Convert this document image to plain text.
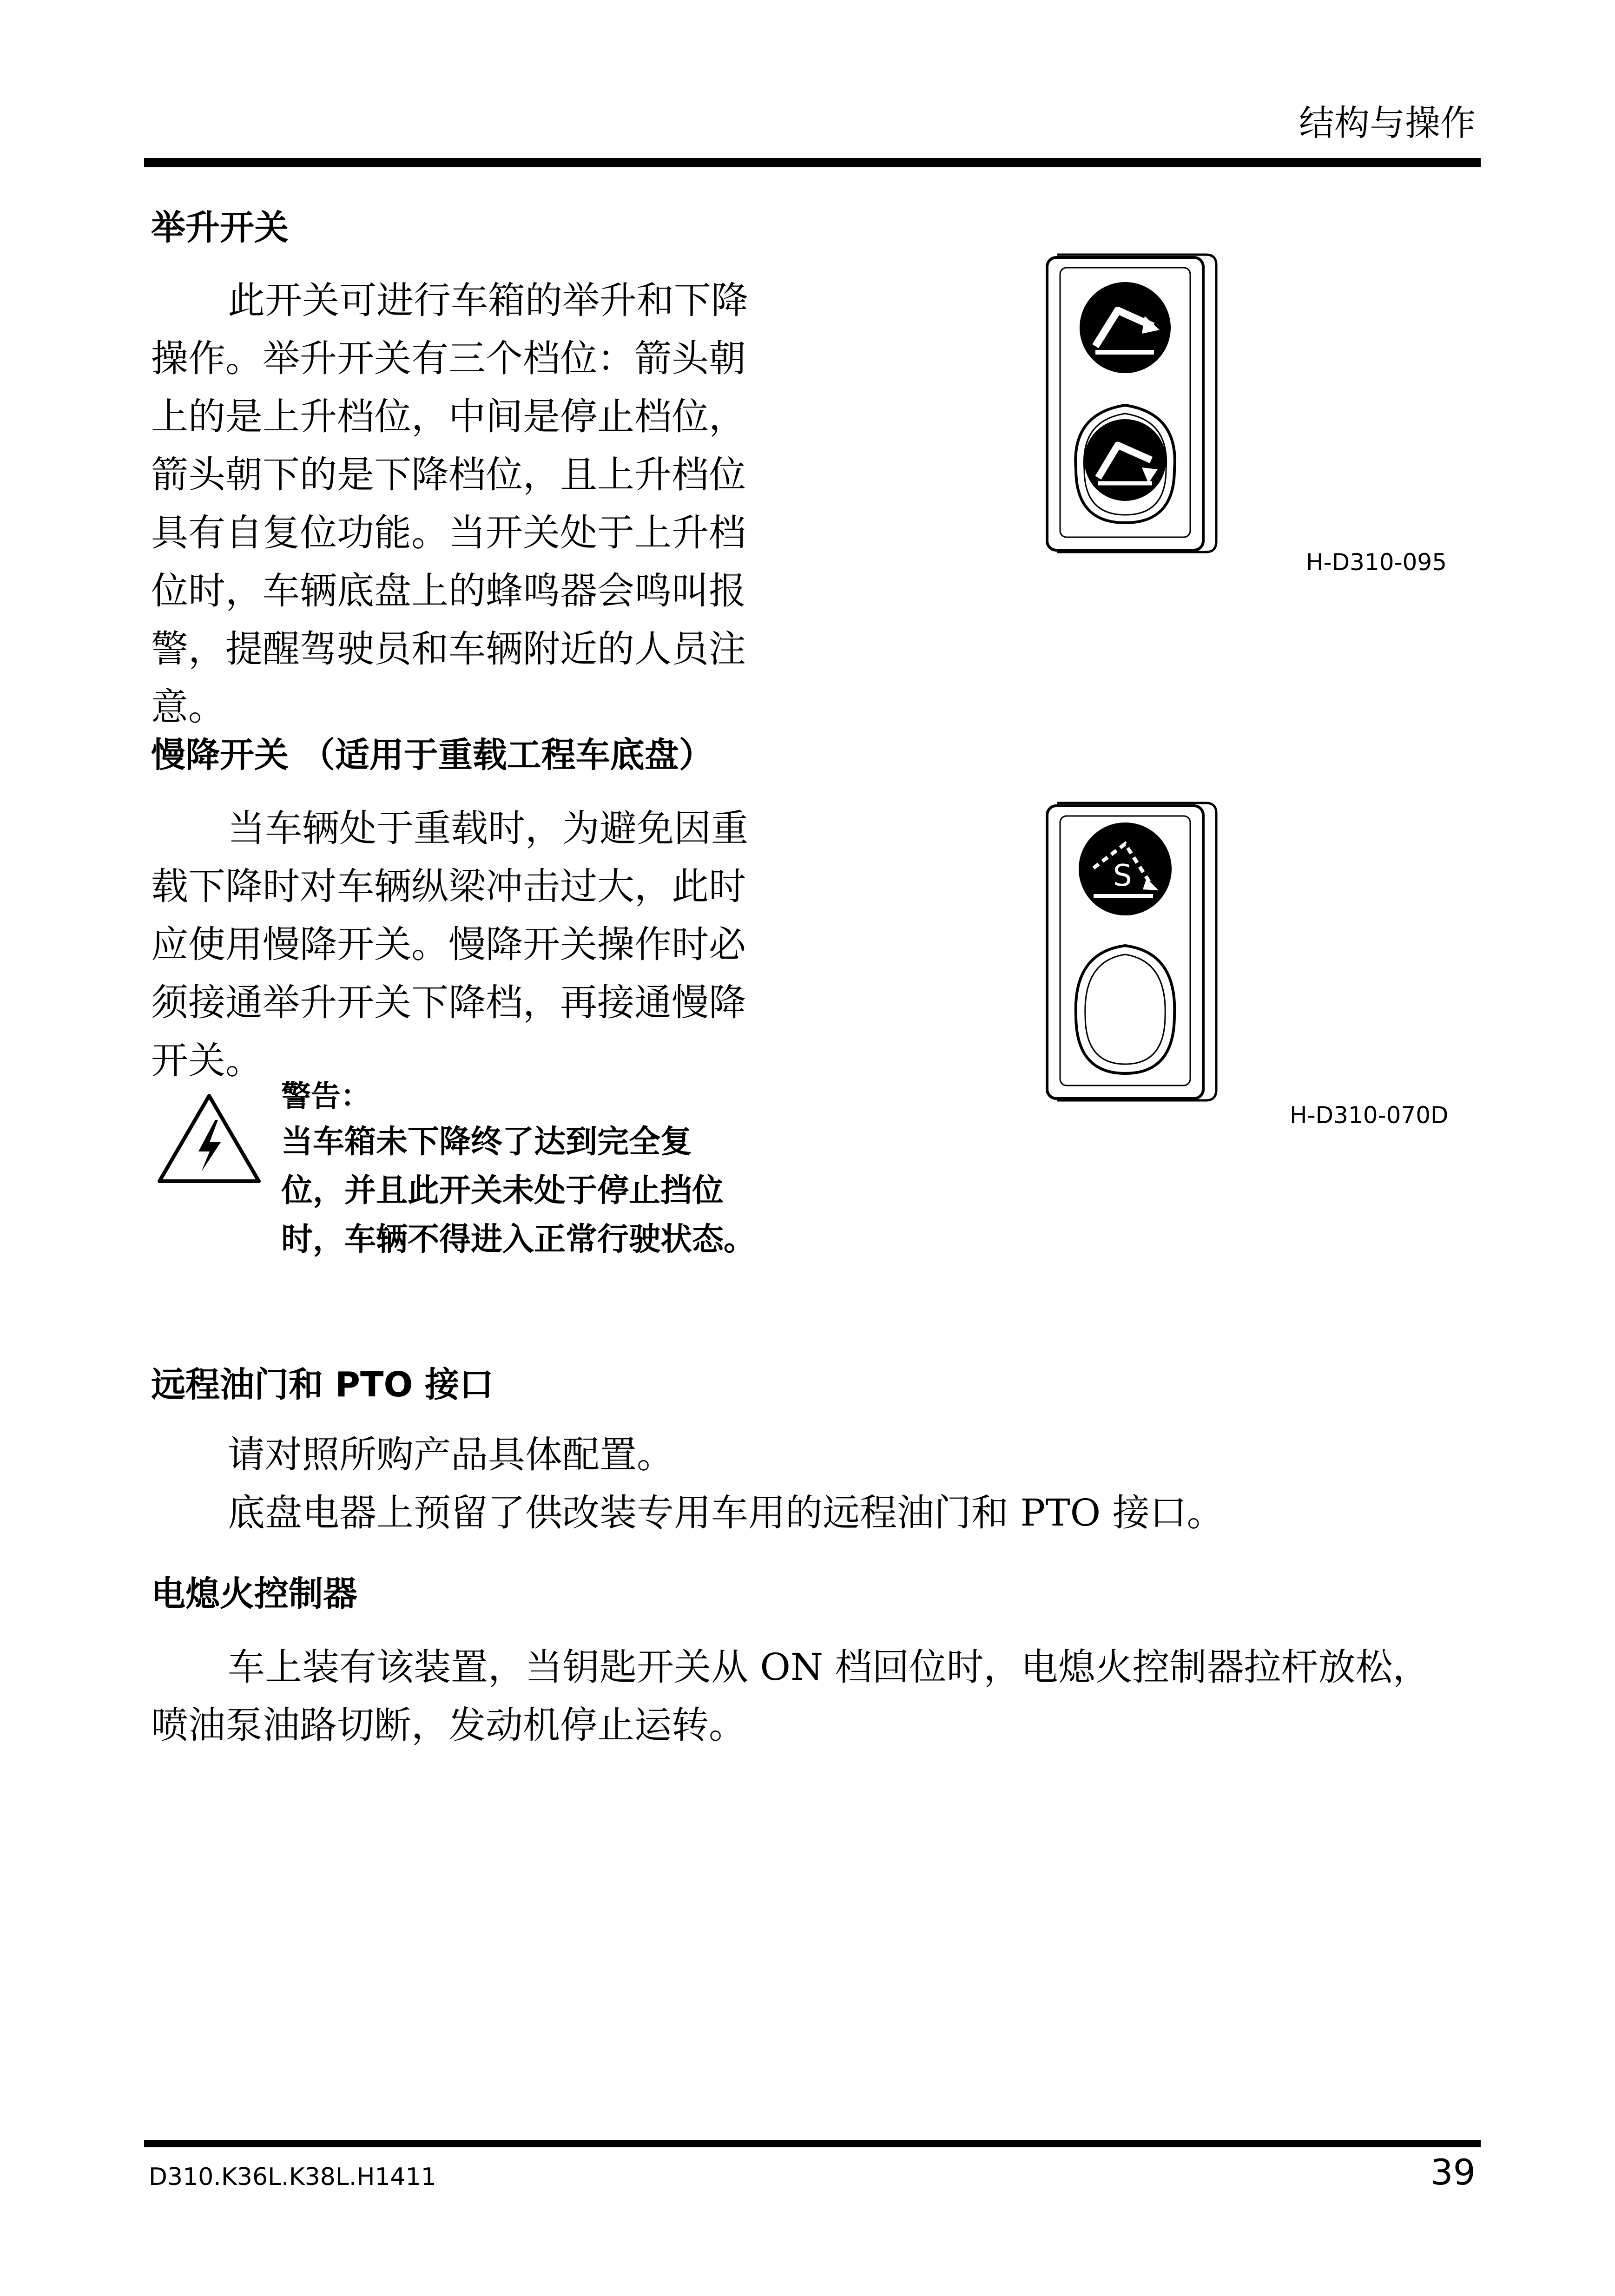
结构与操作
举升开关

此开关可进行车箱的举升和下降

操作。举升开关有三个档位：箭头朝

上的是上升档位，中间是停止档位，

箭头朝下的是下降档位，且上升档位

具有自复位功能。当开关处于上升档

位时，车辆底盘上的蜂鸣器会鸣叫报

警，提醒驾驶员和车辆附近的人员注

意。

H-D310-095
慢降开关 （适用于重载工程车底盘）

当车辆处于重载时，为避免因重

载下降时对车辆纵梁冲击过大，此时

应使用慢降开关。慢降开关操作时必

须接通举升开关下降档，再接通慢降

开关。

警告：

当车箱未下降终了达到完全复

位，并且此开关未处于停止挡位

时，车辆不得进入正常行驶状态。

S
H-D310-070D
远程油门和 PTO 接口

请对照所购产品具体配置。

底盘电器上预留了供改装专用车用的远程油门和 PTO 接口。

电熄火控制器

车上装有该装置，当钥匙开关从 ON 档回位时，电熄火控制器拉杆放松，

喷油泵油路切断，发动机停止运转。

D310.K36L.K38L.H1411	39
